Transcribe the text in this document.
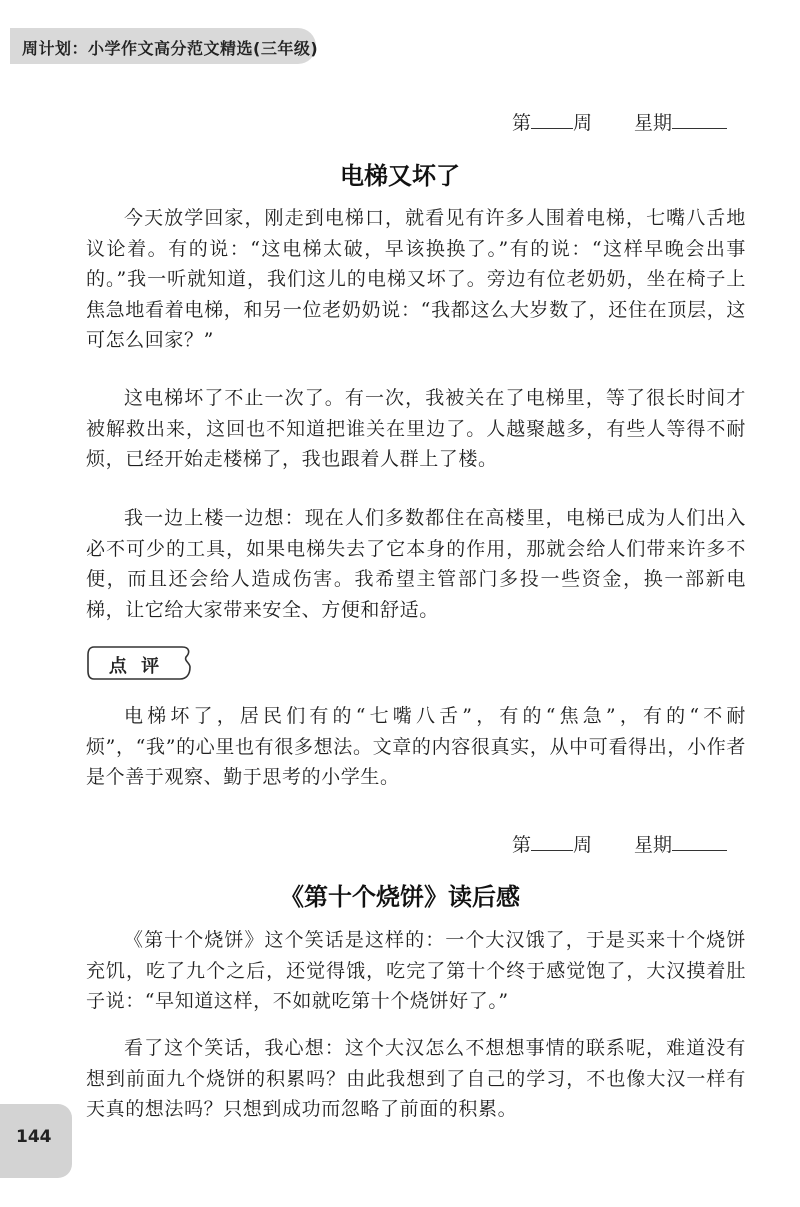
周计划：小学作文高分范文精选(三年级)
第 周 星期
电梯又坏了

今天放学回家，刚走到电梯口，就看见有许多人围着电梯，七嘴八舌地议论着。有的说：“这电梯太破，早该换换了。”有的说：“这样早晚会出事的。”我一听就知道，我们这儿的电梯又坏了。旁边有位老奶奶，坐在椅子上焦急地看着电梯，和另一位老奶奶说：“我都这么大岁数了，还住在顶层，这可怎么回家？”

这电梯坏了不止一次了。有一次，我被关在了电梯里，等了很长时间才被解救出来，这回也不知道把谁关在里边了。人越聚越多，有些人等得不耐烦，已经开始走楼梯了，我也跟着人群上了楼。

我一边上楼一边想：现在人们多数都住在高楼里，电梯已成为人们出入必不可少的工具，如果电梯失去了它本身的作用，那就会给人们带来许多不便，而且还会给人造成伤害。我希望主管部门多投一些资金，换一部新电梯，让它给大家带来安全、方便和舒适。

点 评

电梯坏了，居民们有的“七嘴八舌”，有的“焦急”，有的“不耐烦”，“我”的心里也有很多想法。文章的内容很真实，从中可看得出，小作者是个善于观察、勤于思考的小学生。

第 周 星期
《第十个烧饼》读后感

《第十个烧饼》这个笑话是这样的：一个大汉饿了，于是买来十个烧饼充饥，吃了九个之后，还觉得饿，吃完了第十个终于感觉饱了，大汉摸着肚子说：“早知道这样，不如就吃第十个烧饼好了。”

看了这个笑话，我心想：这个大汉怎么不想想事情的联系呢，难道没有想到前面九个烧饼的积累吗？由此我想到了自己的学习，不也像大汉一样有天真的想法吗？只想到成功而忽略了前面的积累。

144
